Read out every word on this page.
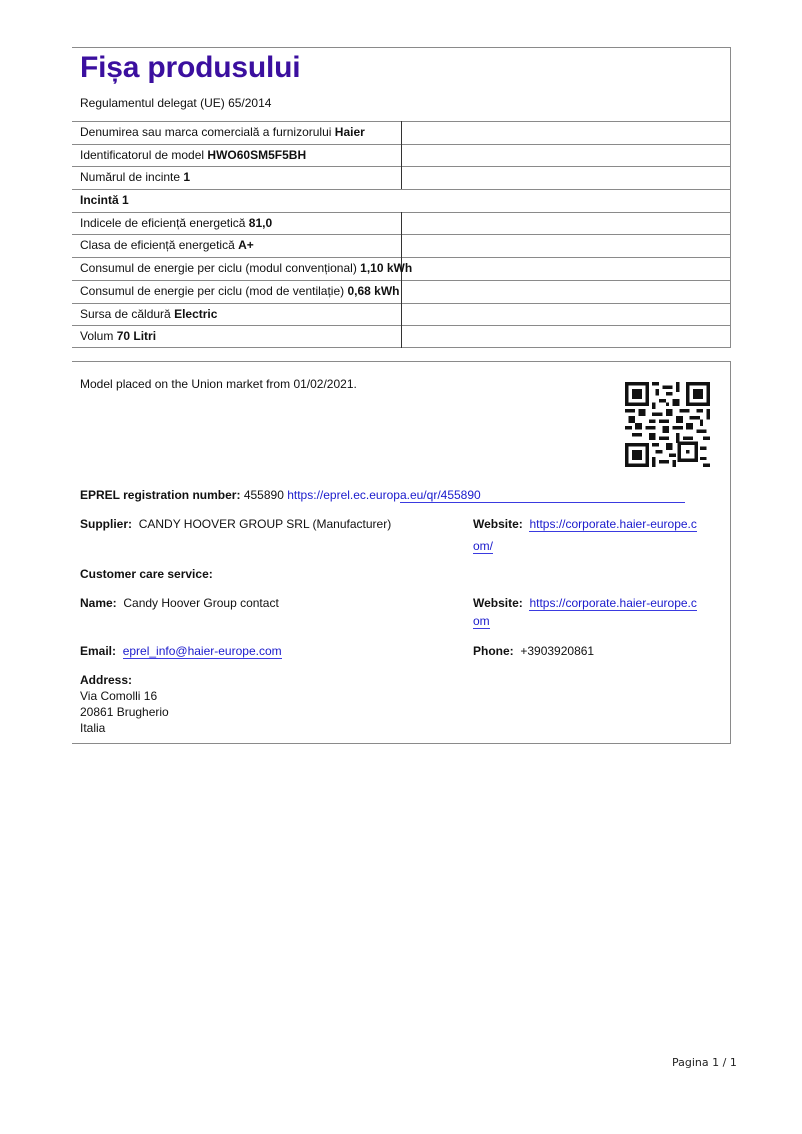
Fișa produsului
Regulamentul delegat (UE) 65/2014
Denumirea sau marca comercială a furnizorului Haier
Identificatorul de model HWO60SM5F5BH
Numărul de incinte 1
Incintă 1
Indicele de eficiență energetică 81,0
Clasa de eficiență energetică A+
Consumul de energie per ciclu (modul convențional) 1,10 kWh
Consumul de energie per ciclu (mod de ventilație) 0,68 kWh
Sursa de căldură Electric
Volum 70 Litri
Model placed on the Union market from 01/02/2021.
EPREL registration number: 455890 https://eprel.ec.europa.eu/qr/455890
Supplier: CANDY HOOVER GROUP SRL (Manufacturer)	Website: https://corporate.haier-europe.c
om/
Customer care service:
Name: Candy Hoover Group contact	Website: https://corporate.haier-europe.c
om
Email: eprel_info@haier-europe.com	Phone: +3903920861
Address:
Via Comolli 16
20861 Brugherio
Italia
Pagina 1 / 1
